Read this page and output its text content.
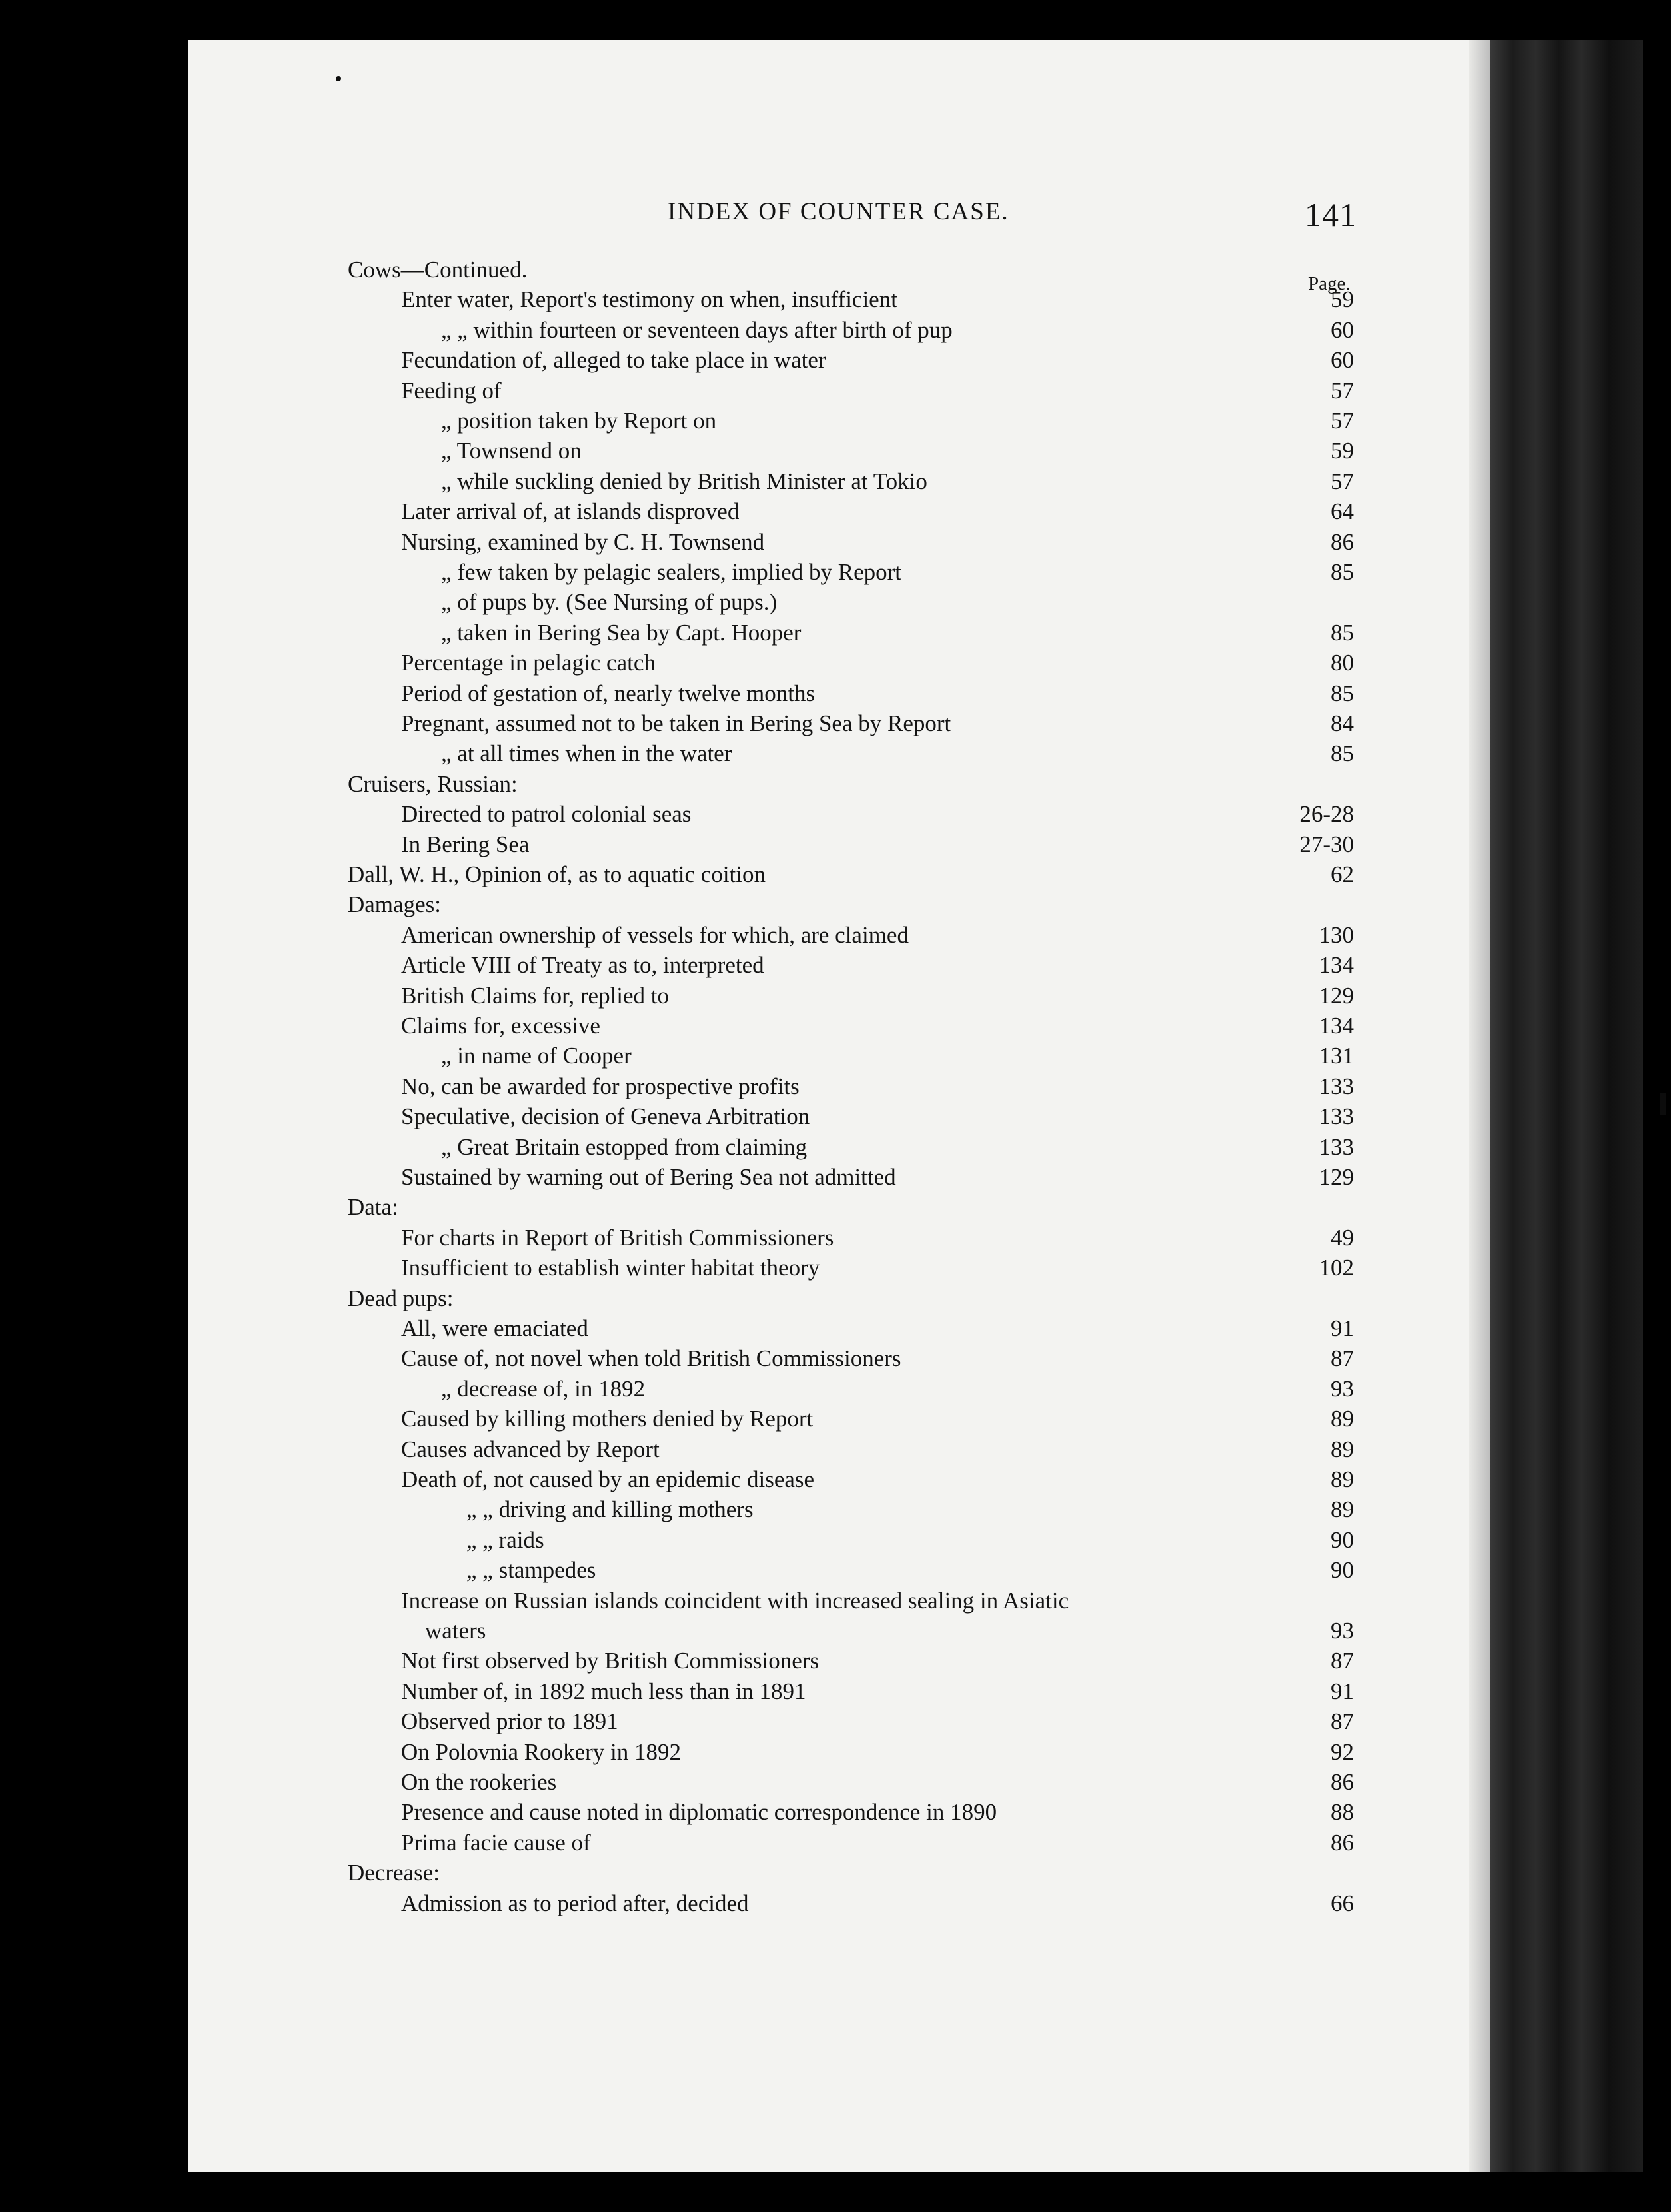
INDEX OF COUNTER CASE.	141
Page.
Cows—Continued.
Enter water, Report's testimony on when, insufficient	59
„ „ within fourteen or seventeen days after birth of pup	60
Fecundation of, alleged to take place in water	60
Feeding of	57
„ position taken by Report on	57
„ Townsend on	59
„ while suckling denied by British Minister at Tokio	57
Later arrival of, at islands disproved	64
Nursing, examined by C. H. Townsend	86
„ few taken by pelagic sealers, implied by Report	85
„ of pups by. (See Nursing of pups.)
„ taken in Bering Sea by Capt. Hooper	85
Percentage in pelagic catch	80
Period of gestation of, nearly twelve months	85
Pregnant, assumed not to be taken in Bering Sea by Report	84
„ at all times when in the water	85
Cruisers, Russian:
Directed to patrol colonial seas	26-28
In Bering Sea	27-30
Dall, W. H., Opinion of, as to aquatic coition	62
Damages:
American ownership of vessels for which, are claimed	130
Article VIII of Treaty as to, interpreted	134
British Claims for, replied to	129
Claims for, excessive	134
„ in name of Cooper	131
No, can be awarded for prospective profits	133
Speculative, decision of Geneva Arbitration	133
„ Great Britain estopped from claiming	133
Sustained by warning out of Bering Sea not admitted	129
Data:
For charts in Report of British Commissioners	49
Insufficient to establish winter habitat theory	102
Dead pups:
All, were emaciated	91
Cause of, not novel when told British Commissioners	87
„ decrease of, in 1892	93
Caused by killing mothers denied by Report	89
Causes advanced by Report	89
Death of, not caused by an epidemic disease	89
„ „ driving and killing mothers	89
„ „ raids	90
„ „ stampedes	90
Increase on Russian islands coincident with increased sealing in Asiatic
waters	93
Not first observed by British Commissioners	87
Number of, in 1892 much less than in 1891	91
Observed prior to 1891	87
On Polovnia Rookery in 1892	92
On the rookeries	86
Presence and cause noted in diplomatic correspondence in 1890	88
Prima facie cause of	86
Decrease:
Admission as to period after, decided	66
